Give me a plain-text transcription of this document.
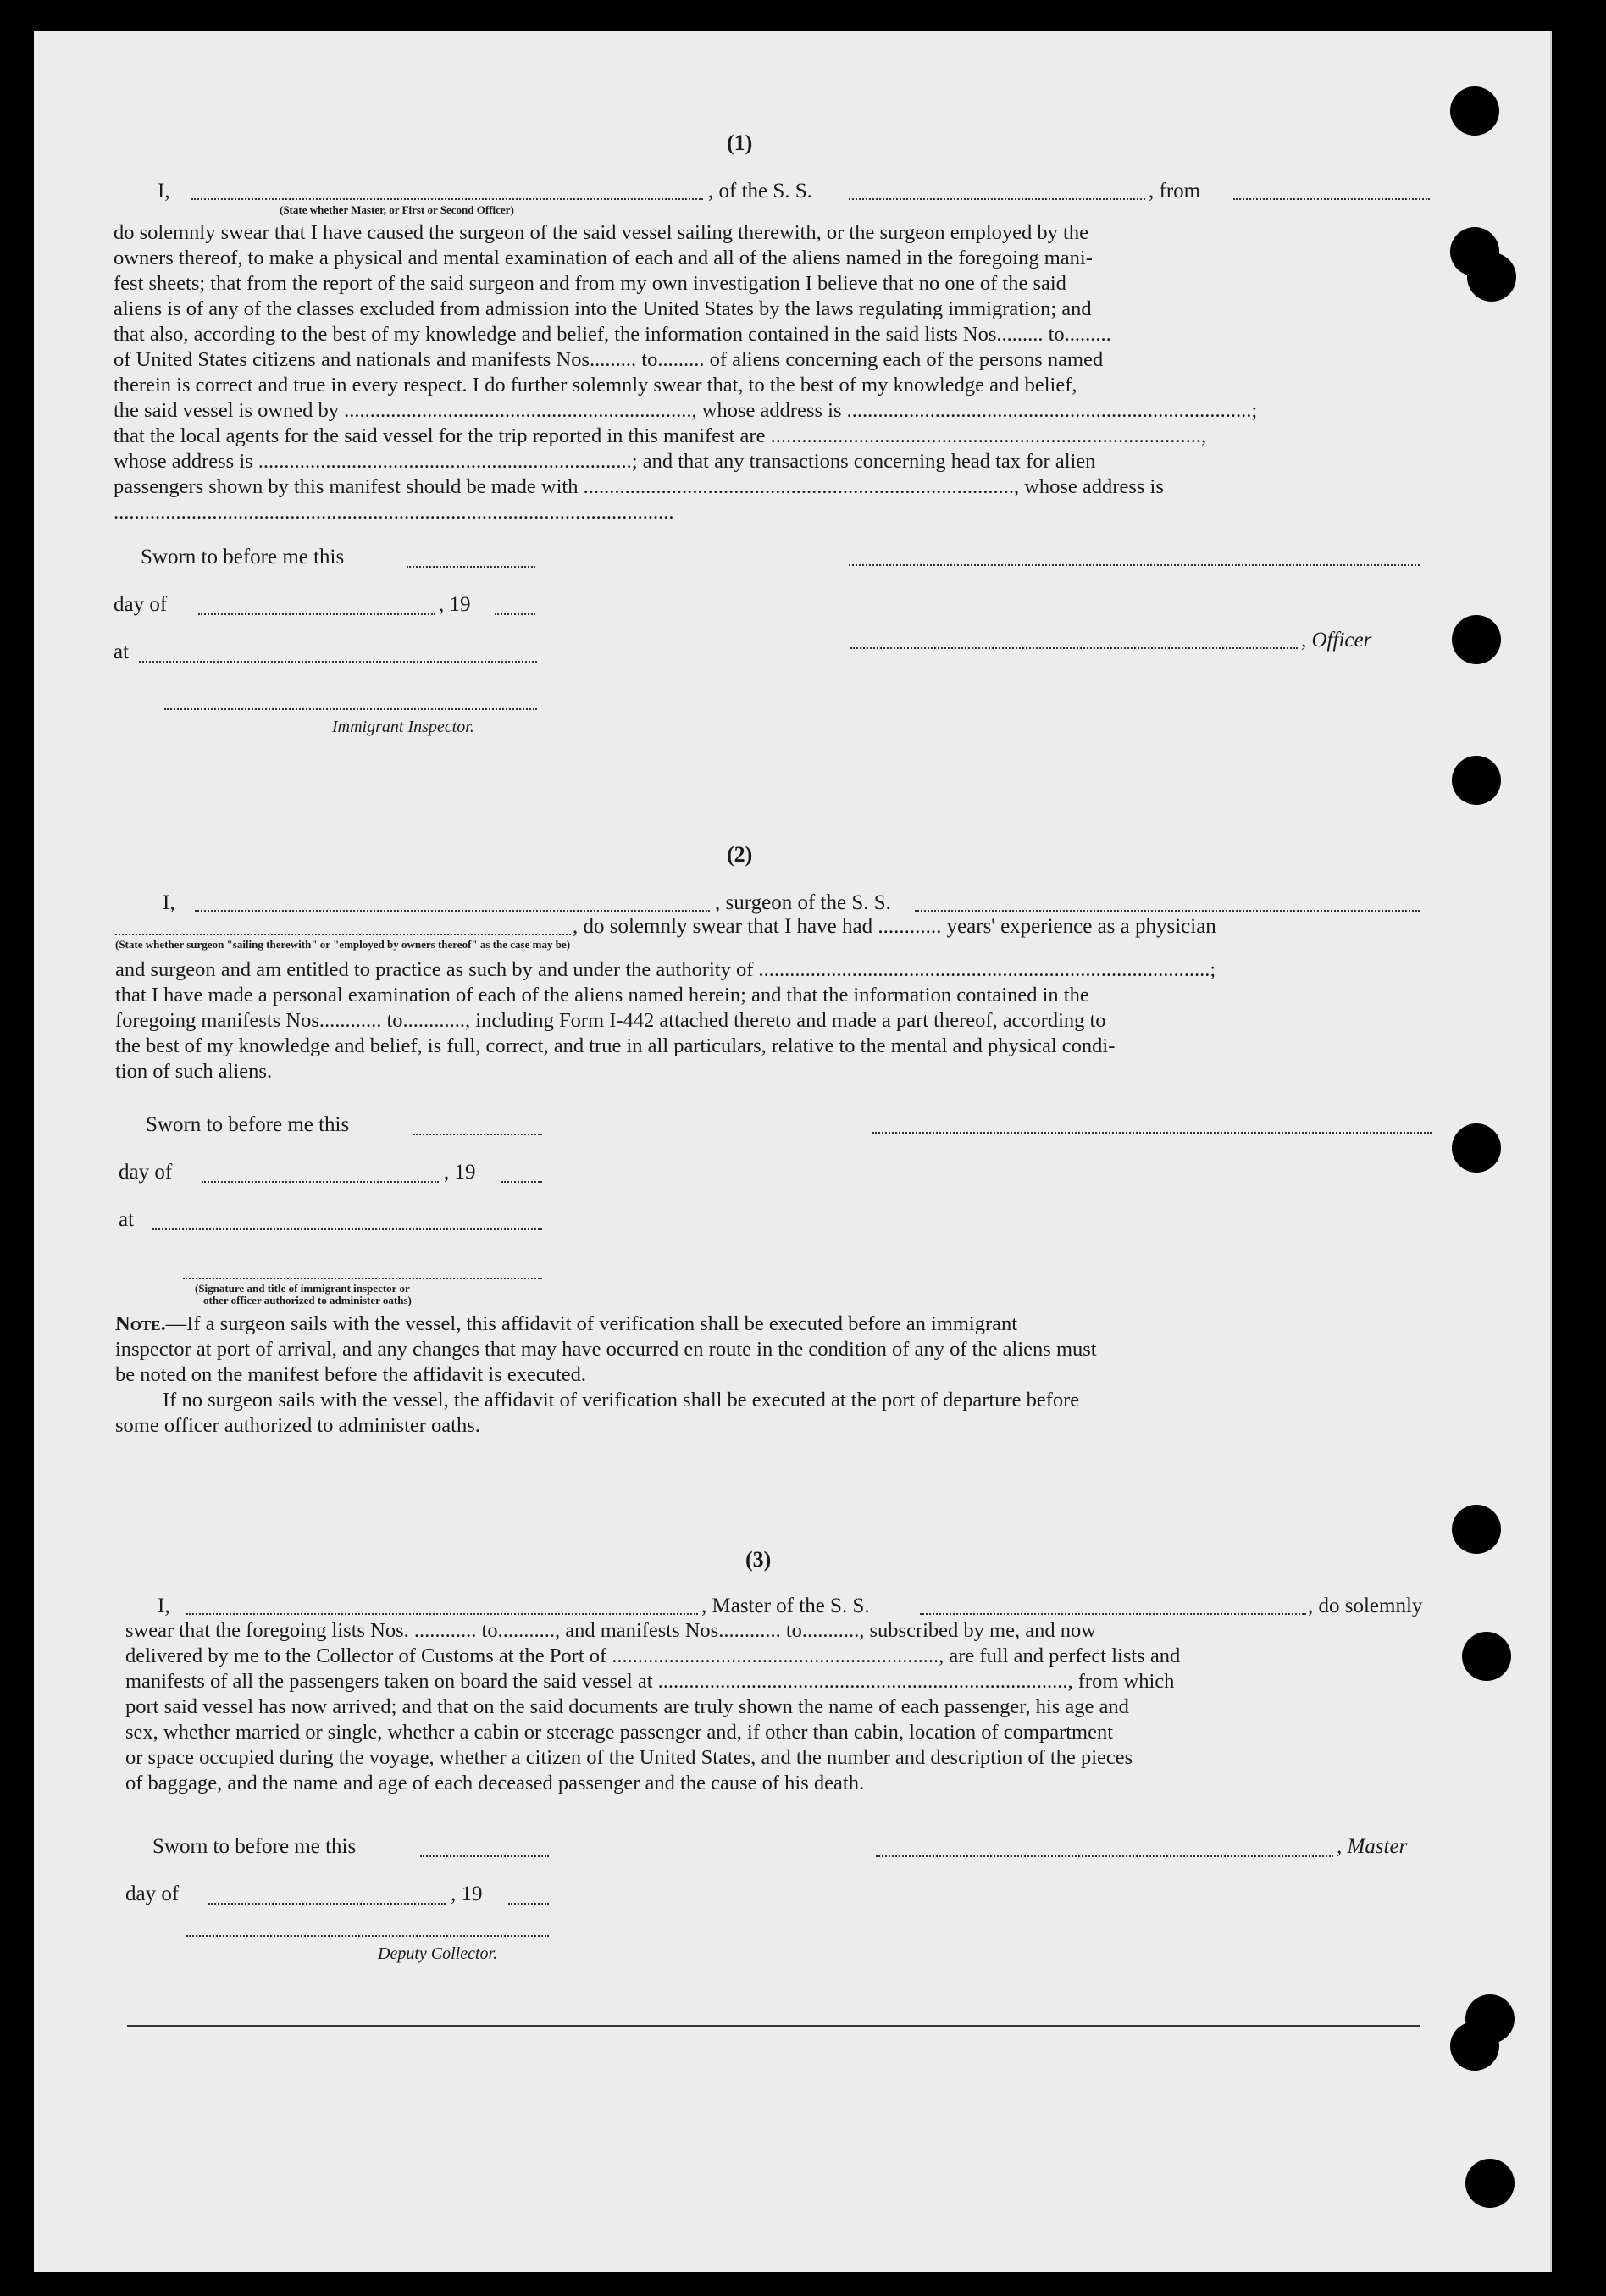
(1)
I,	, of the S. S.	, from
(State whether Master, or First or Second Officer)
do solemnly swear that I have caused the surgeon of the said vessel sailing therewith, or the surgeon employed by the
owners thereof, to make a physical and mental examination of each and all of the aliens named in the foregoing mani-
fest sheets; that from the report of the said surgeon and from my own investigation I believe that no one of the said
aliens is of any of the classes excluded from admission into the United States by the laws regulating immigration; and
that also, according to the best of my knowledge and belief, the information contained in the said lists Nos......... to.........
of United States citizens and nationals and manifests Nos......... to......... of aliens concerning each of the persons named
therein is correct and true in every respect. I do further solemnly swear that, to the best of my knowledge and belief,
the said vessel is owned by ..................................................................., whose address is ..............................................................................;
that the local agents for the said vessel for the trip reported in this manifest are ...................................................................................,
whose address is ........................................................................; and that any transactions concerning head tax for alien
passengers shown by this manifest should be made with ..................................................................................., whose address is
............................................................................................................
Sworn to before me this
day of	, 19
, Officer
at
Immigrant Inspector.
(2)
I,	, surgeon of the S. S.
, do solemnly swear that I have had ............ years' experience as a physician
(State whether surgeon "sailing therewith" or "employed by owners thereof" as the case may be)
and surgeon and am entitled to practice as such by and under the authority of .......................................................................................;
that I have made a personal examination of each of the aliens named herein; and that the information contained in the
foregoing manifests Nos............ to............, including Form I-442 attached thereto and made a part thereof, according to
the best of my knowledge and belief, is full, correct, and true in all particulars, relative to the mental and physical condi-
tion of such aliens.
Sworn to before me this
day of	, 19
at
(Signature and title of immigrant inspector or
other officer authorized to administer oaths)
Note.—If a surgeon sails with the vessel, this affidavit of verification shall be executed before an immigrant
inspector at port of arrival, and any changes that may have occurred en route in the condition of any of the aliens must
be noted on the manifest before the affidavit is executed.
If no surgeon sails with the vessel, the affidavit of verification shall be executed at the port of departure before
some officer authorized to administer oaths.
(3)
I,	, Master of the S. S.	, do solemnly
swear that the foregoing lists Nos. ............ to..........., and manifests Nos............ to..........., subscribed by me, and now
delivered by me to the Collector of Customs at the Port of ..............................................................., are full and perfect lists and
manifests of all the passengers taken on board the said vessel at ..............................................................................., from which
port said vessel has now arrived; and that on the said documents are truly shown the name of each passenger, his age and
sex, whether married or single, whether a cabin or steerage passenger and, if other than cabin, location of compartment
or space occupied during the voyage, whether a citizen of the United States, and the number and description of the pieces
of baggage, and the name and age of each deceased passenger and the cause of his death.
Sworn to before me this	, Master
day of	, 19
Deputy Collector.
